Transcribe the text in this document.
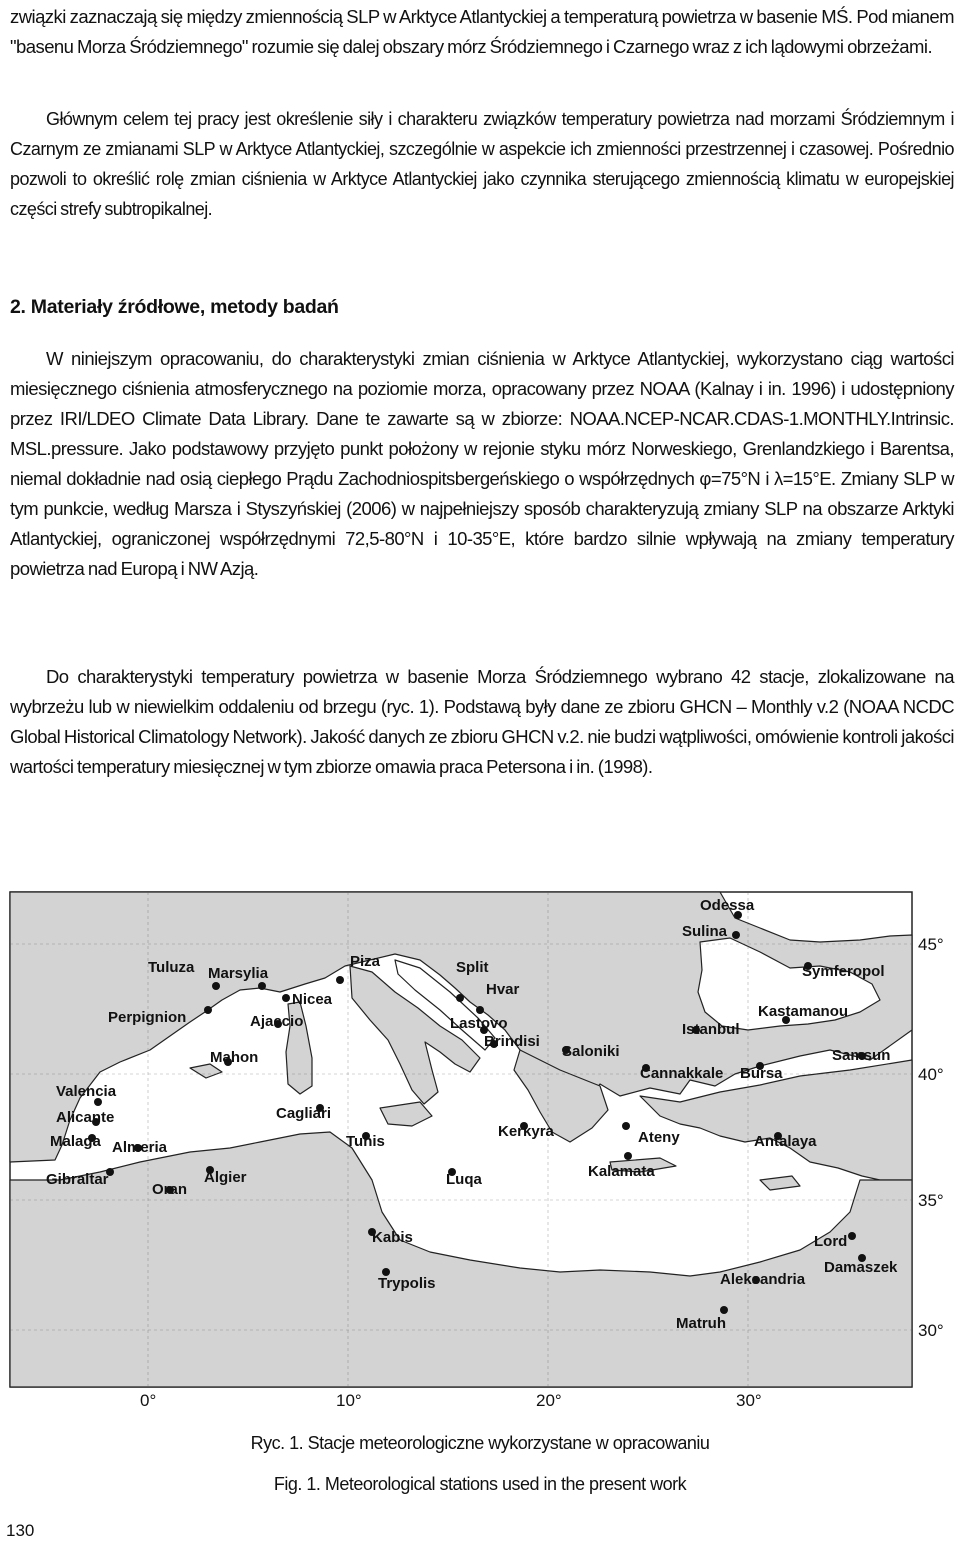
związki zaznaczają się między zmiennością SLP w Arktyce Atlantyckiej a temperaturą powietrza w basenie MŚ. Pod mianem "basenu Morza Śródziemnego" rozumie się dalej obszary mórz Śródziemnego i Czarnego wraz z ich lądowymi obrzeżami.

Głównym celem tej pracy jest określenie siły i charakteru związków temperatury powietrza nad morzami Śródziemnym i Czarnym ze zmianami SLP w Arktyce Atlantyckiej, szczególnie w aspekcie ich zmienności przestrzennej i czasowej. Pośrednio pozwoli to określić rolę zmian ciśnienia w Arktyce Atlantyckiej jako czynnika sterującego zmiennością klimatu w europejskiej części strefy subtropikalnej.

2. Materiały źródłowe, metody badań

W niniejszym opracowaniu, do charakterystyki zmian ciśnienia w Arktyce Atlantyckiej, wykorzystano ciąg wartości miesięcznego ciśnienia atmosferycznego na poziomie morza, opracowany przez NOAA (Kalnay i in. 1996) i udostępniony przez IRI/LDEO Climate Data Library. Dane te zawarte są w zbiorze: NOAA.NCEP-NCAR.CDAS-1.MONTHLY.Intrinsic. MSL.pressure. Jako podstawowy przyjęto punkt położony w rejonie styku mórz Norweskiego, Grenlandzkiego i Barentsa, niemal dokładnie nad osią ciepłego Prądu Zachodniospitsbergeńskiego o współrzędnych φ=75°N i λ=15°E. Zmiany SLP w tym punkcie, według Marsza i Styszyńskiej (2006) w najpełniejszy sposób charakteryzują zmiany SLP na obszarze Arktyki Atlantyckiej, ograniczonej współrzędnymi 72,5-80°N i 10-35°E, które bardzo silnie wpływają na zmiany temperatury powietrza nad Europą i NW Azją.

Do charakterystyki temperatury powietrza w basenie Morza Śródziemnego wybrano 42 stacje, zlokalizowane na wybrzeżu lub w niewielkim oddaleniu od brzegu (ryc. 1). Podstawą były dane ze zbioru GHCN – Monthly v.2 (NOAA NCDC Global Historical Climatology Network). Jakość danych ze zbioru GHCN v.2. nie budzi wątpliwości, omówienie kontroli jakości wartości temperatury miesięcznej w tym zbiorze omawia praca Petersona i in. (1998).

Odessa
Sulina
Tuluza Marsylia
Piza	Split
Hvar
Symferopol
Nicea
Perpignion	Ajaccio	Lastovo
Brindisi
Istanbul
Kastamanou
Mahon	Saloniki	Samsun
Cannakkale Bursa
Valencia
Alicante	Cagliari
Malaga Almeria	Tunis
Kerkyra	Ateny	Antalaya
Gibraltar	Algier
Oran
Kalamata
Luqa
Kabis	Lord
Damaszek
Trypolis	Aleksandria
Matruh
45°
40°
35°
30°
0°	10°	20°	30°

Ryc. 1. Stacje meteorologiczne wykorzystane w opracowaniu

Fig. 1. Meteorological stations used in the present work

130
